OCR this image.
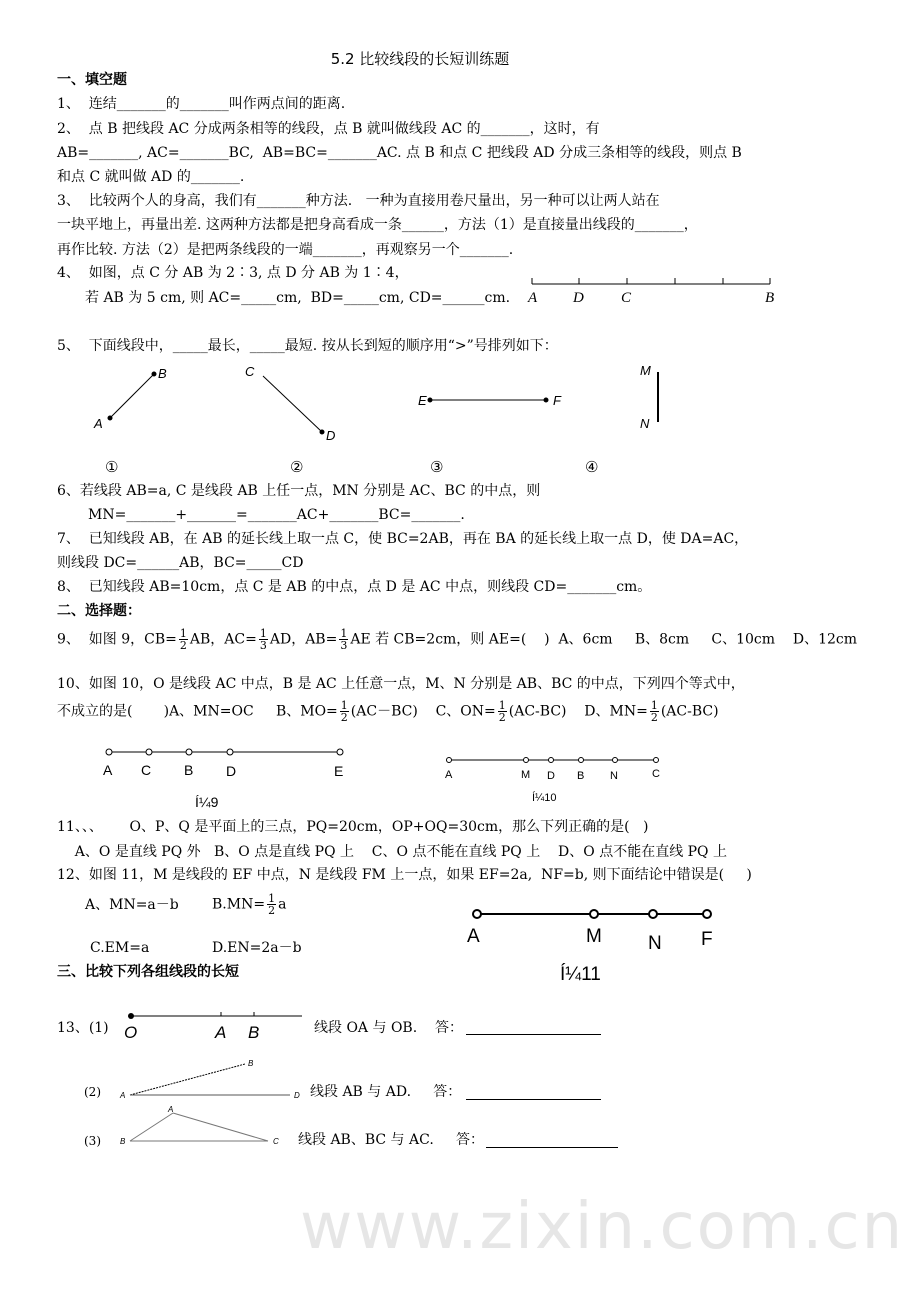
www.zixin.com.cn
5.2 比较线段的长短训练题
一、填空题
1、  连结_______的_______叫作两点间的距离.
2、  点 B 把线段 AC 分成两条相等的线段，点 B 就叫做线段 AC 的_______，这时，有
AB=_______, AC=_______BC,  AB=BC=_______AC. 点 B 和点 C 把线段 AD 分成三条相等的线段，则点 B
和点 C 就叫做 AD 的_______.
3、  比较两个人的身高，我们有_______种方法.   一种为直接用卷尺量出，另一种可以让两人站在
一块平地上，再量出差. 这两种方法都是把身高看成一条______，方法（1）是直接量出线段的_______，
再作比较. 方法（2）是把两条线段的一端_______，再观察另一个_______.
4、  如图，点 C 分 AB 为 2∶3, 点 D 分 AB 为 1∶4，
若 AB 为 5 cm, 则 AC=_____cm,  BD=_____cm, CD=______cm. A D C	B
5、  下面线段中，_____最长，_____最短. 按从长到短的顺序用“>”号排列如下：
A
B	C
D
E	F
M
N
①	②	③	④
6、若线段 AB=a, C 是线段 AB 上任一点，MN 分别是 AC、BC 的中点，则
MN=_______+_______=_______AC+_______BC=_______.
7、  已知线段 AB，在 AB 的延长线上取一点 C，使 BC=2AB，再在 BA 的延长线上取一点 D，使 DA=AC，
则线段 DC=______AB，BC=_____CD
8、  已知线段 AB=10cm，点 C 是 AB 的中点，点 D 是 AC 中点，则线段 CD=_______cm。
二、选择题：
9、  如图 9，$CB= \frac{1}{2}$ AB，$AC= \frac{1}{3}$ AD，$AB= \frac{1}{3}$ AE 若 CB=2cm，则 AE=(    )  A、6cm     B、8cm     C、10cm    D、12cm
10、如图 10，O 是线段 AC 中点，B 是 AC 上任意一点，M、N 分别是 AB、BC 的中点，下列四个等式中，
不成立的是(       )A、MN=OC     B、$MO= \frac{1}{2} (AC-BC)$    C、$ON= \frac{1}{2} (AC-BC)$    D、$MN= \frac{1}{2} (AC-BC)$
A C B D	E
Í¼9
A	M D B N	C
Í¼10
11、、、      O、P、Q 是平面上的三点，PQ=20cm，OP+OQ=30cm，那么下列正确的是(   )
A、O 是直线 PQ 外   B、O 点是直线 PQ 上    C、O 点不能在直线 PQ 上    D、O 点不能在直线 PQ 上
12、如图 11，M 是线段的 EF 中点，N 是线段 FM 上一点，如果 EF=2a,  NF=b, 则下面结论中错误是(     )
A、MN=a－b $B.MN= \frac{1}{2}$ a
C.EM=a	D.EN=2a－b
A	M N F
Í¼11
三、比较下列各组线段的长短
13、(1) O	A B	线段 OA 与 OB.    答：
(2) A
B
D 线段 AB 与 AD.     答：
(3)
A
B	C 线段 AB、BC 与 AC.     答：
